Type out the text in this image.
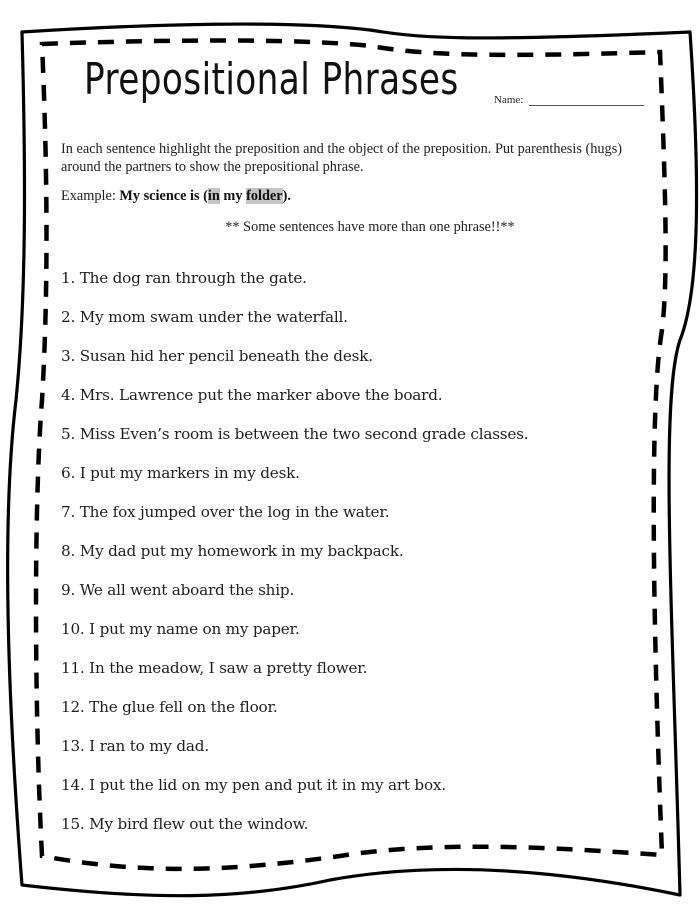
Prepositional Phrases	Name:
In each sentence highlight the preposition and the object of the preposition. Put parenthesis (hugs) around the partners to show the prepositional phrase.
Example: My science is (in my folder).
** Some sentences have more than one phrase!!**
1. The dog ran through the gate.
2. My mom swam under the waterfall.
3. Susan hid her pencil beneath the desk.
4. Mrs. Lawrence put the marker above the board.
5. Miss Even’s room is between the two second grade classes.
6. I put my markers in my desk.
7. The fox jumped over the log in the water.
8. My dad put my homework in my backpack.
9. We all went aboard the ship.
10. I put my name on my paper.
11. In the meadow, I saw a pretty flower.
12. The glue fell on the floor.
13. I ran to my dad.
14. I put the lid on my pen and put it in my art box.
15. My bird flew out the window.
